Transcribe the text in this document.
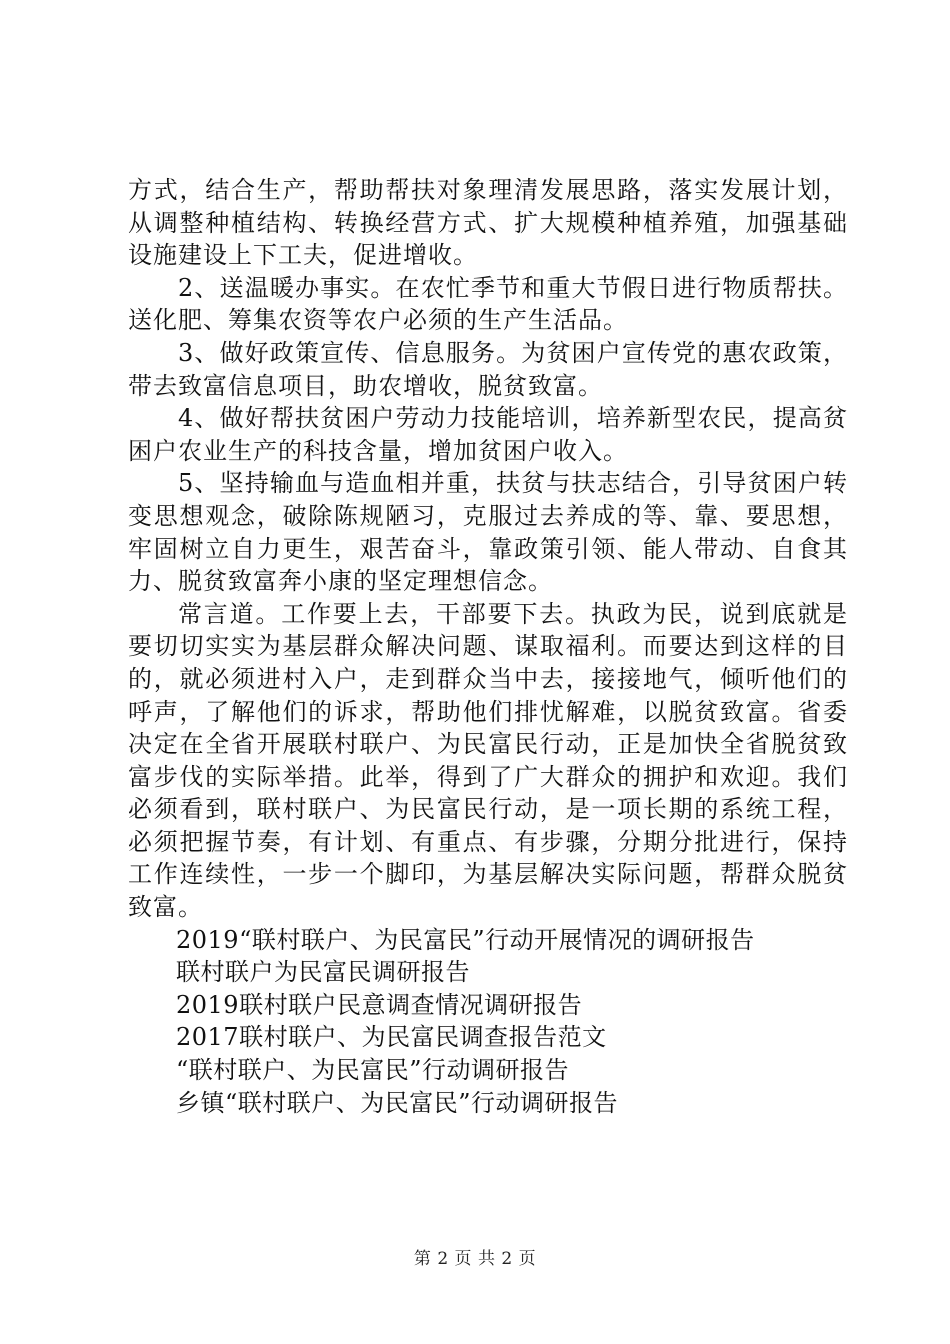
方式，结合生产，帮助帮扶对象理清发展思路，落实发展计划，从调整种植结构、转换经营方式、扩大规模种植养殖，加强基础设施建设上下工夫，促进增收。

2、送温暖办事实。在农忙季节和重大节假日进行物质帮扶。送化肥、筹集农资等农户必须的生产生活品。

3、做好政策宣传、信息服务。为贫困户宣传党的惠农政策，带去致富信息项目，助农增收，脱贫致富。

4、做好帮扶贫困户劳动力技能培训，培养新型农民，提高贫困户农业生产的科技含量，增加贫困户收入。

5、坚持输血与造血相并重，扶贫与扶志结合，引导贫困户转变思想观念，破除陈规陋习，克服过去养成的等、靠、要思想，牢固树立自力更生，艰苦奋斗，靠政策引领、能人带动、自食其力、脱贫致富奔小康的坚定理想信念。

常言道。工作要上去，干部要下去。执政为民，说到底就是要切切实实为基层群众解决问题、谋取福利。而要达到这样的目的，就必须进村入户，走到群众当中去，接接地气，倾听他们的呼声，了解他们的诉求，帮助他们排忧解难，以脱贫致富。省委决定在全省开展联村联户、为民富民行动，正是加快全省脱贫致富步伐的实际举措。此举，得到了广大群众的拥护和欢迎。我们必须看到，联村联户、为民富民行动，是一项长期的系统工程，必须把握节奏，有计划、有重点、有步骤，分期分批进行，保持工作连续性，一步一个脚印，为基层解决实际问题，帮群众脱贫致富。

2019“联村联户、为民富民”行动开展情况的调研报告

联村联户为民富民调研报告

2019联村联户民意调查情况调研报告

2017联村联户、为民富民调查报告范文

“联村联户、为民富民”行动调研报告

乡镇“联村联户、为民富民”行动调研报告

第 2 页 共 2 页
